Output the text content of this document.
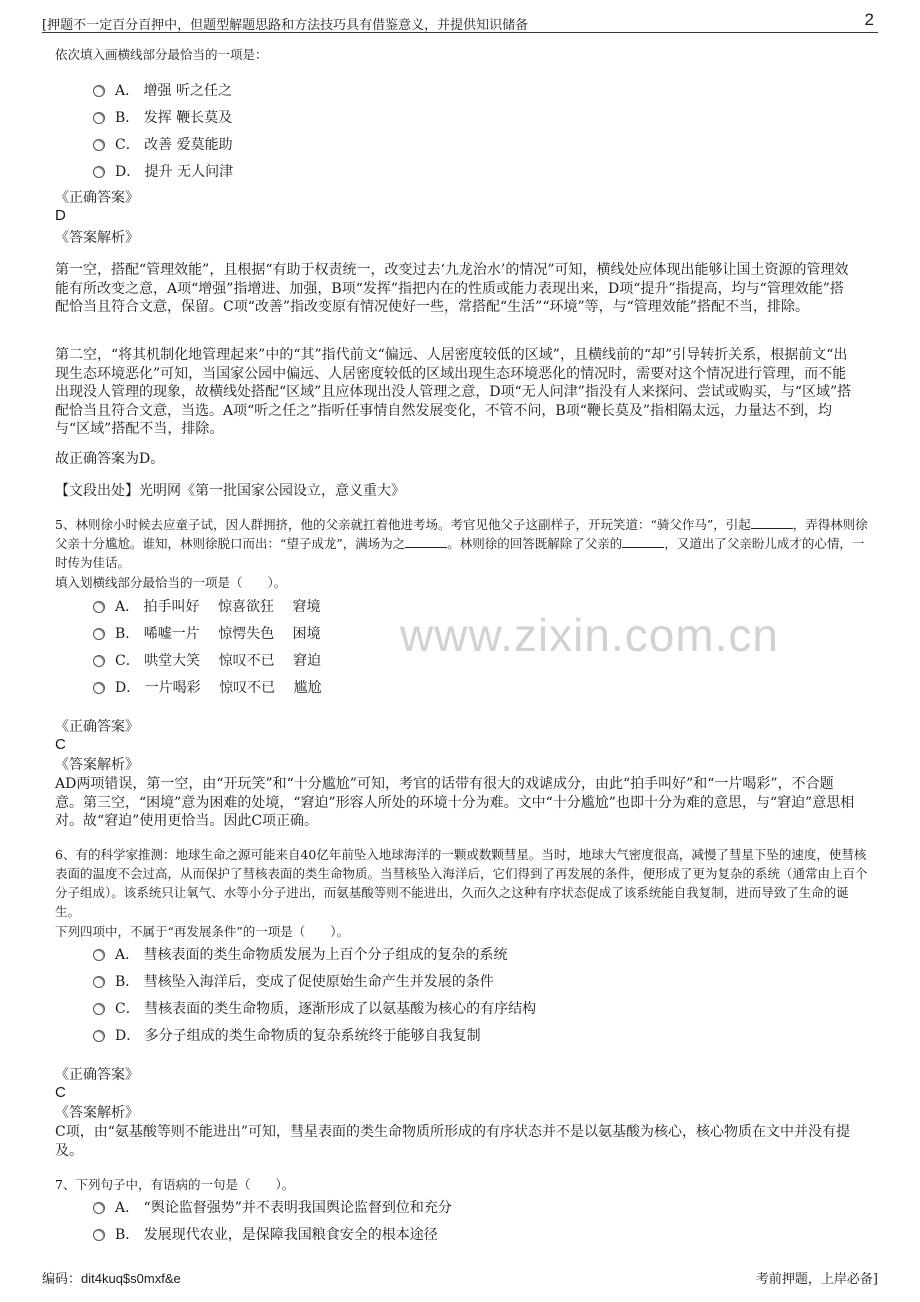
[押题不一定百分百押中，但题型解题思路和方法技巧具有借鉴意义，并提供知识储备	2
www.zixin.com.cn
依次填入画横线部分最恰当的一项是：
A． 增强 听之任之
B． 发挥 鞭长莫及
C． 改善 爱莫能助
D． 提升 无人问津
《正确答案》
D
《答案解析》
第一空，搭配“管理效能”，且根据“有助于权责统一，改变过去‘九龙治水’的情况”可知，横线处应体现出能够让国土资源的管理效能有所改变之意，A项“增强”指增进、加强，B项“发挥”指把内在的性质或能力表现出来，D项“提升”指提高，均与“管理效能”搭配恰当且符合文意，保留。C项“改善”指改变原有情况使好一些，常搭配“生活”“环境”等，与“管理效能”搭配不当，排除。
第二空，“将其机制化地管理起来”中的“其”指代前文“偏远、人居密度较低的区域”，且横线前的“却”引导转折关系，根据前文“出现生态环境恶化”可知，当国家公园中偏远、人居密度较低的区域出现生态环境恶化的情况时，需要对这个情况进行管理，而不能出现没人管理的现象，故横线处搭配“区域”且应体现出没人管理之意，D项“无人问津”指没有人来探问、尝试或购买，与“区域”搭配恰当且符合文意，当选。A项“听之任之”指听任事情自然发展变化，不管不问，B项“鞭长莫及”指相隔太远，力量达不到，均与“区域”搭配不当，排除。
故正确答案为D。
【文段出处】光明网《第一批国家公园设立，意义重大》
5、林则徐小时候去应童子试，因人群拥挤，他的父亲就扛着他进考场。考官见他父子这副样子，开玩笑道：“骑父作马”，引起	，弄得林则徐父亲十分尴尬。谁知，林则徐脱口而出：“望子成龙”，满场为之	。林则徐的回答既解除了父亲的	，又道出了父亲盼儿成才的心情，一时传为佳话。
填入划横线部分最恰当的一项是（　　）。
A． 拍手叫好　 惊喜欲狂　 窘境
B． 唏嘘一片　 惊愕失色　 困境
C． 哄堂大笑　 惊叹不已　 窘迫
D． 一片喝彩　 惊叹不已　 尴尬
《正确答案》
C
《答案解析》
AD两项错误，第一空，由“开玩笑”和“十分尴尬”可知，考官的话带有很大的戏谑成分，由此“拍手叫好”和“一片喝彩”，不合题意。第三空，“困境”意为困难的处境，“窘迫”形容人所处的环境十分为难。文中“十分尴尬”也即十分为难的意思，与“窘迫”意思相对。故“窘迫”使用更恰当。因此C项正确。
6、有的科学家推测：地球生命之源可能来自40亿年前坠入地球海洋的一颗或数颗彗星。当时，地球大气密度很高，减慢了彗星下坠的速度，使彗核表面的温度不会过高，从而保护了彗核表面的类生命物质。当彗核坠入海洋后，它们得到了再发展的条件，便形成了更为复杂的系统（通常由上百个分子组成）。该系统只让氧气、水等小分子进出，而氨基酸等则不能进出，久而久之这种有序状态促成了该系统能自我复制，进而导致了生命的诞生。
下列四项中，不属于“再发展条件”的一项是（　　）。
A． 彗核表面的类生命物质发展为上百个分子组成的复杂的系统
B． 彗核坠入海洋后，变成了促使原始生命产生并发展的条件
C． 彗核表面的类生命物质，逐渐形成了以氨基酸为核心的有序结构
D． 多分子组成的类生命物质的复杂系统终于能够自我复制
《正确答案》
C
《答案解析》
C项，由“氨基酸等则不能进出”可知，彗星表面的类生命物质所形成的有序状态并不是以氨基酸为核心，核心物质在文中并没有提及。
7、下列句子中，有语病的一句是（　　）。
A． “舆论监督强势”并不表明我国舆论监督到位和充分
B． 发展现代农业，是保障我国粮食安全的根本途径
编码：dit4kuq$s0mxf&e	考前押题，上岸必备]
